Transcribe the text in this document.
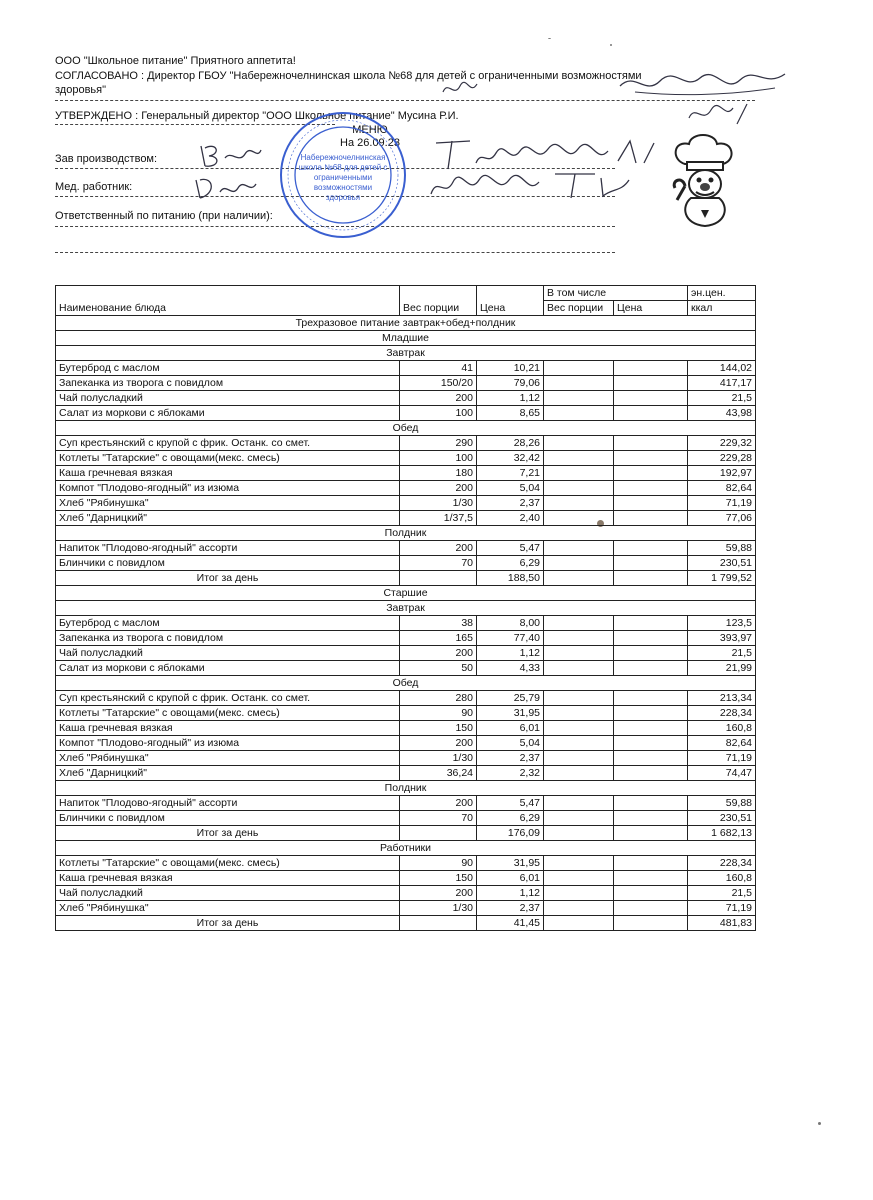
ООО "Школьное питание" Приятного аппетита!
СОГЛАСОВАНО : Директор ГБОУ "Набережночелнинская школа №68 для детей с ограниченными возможностями
здоровья"
УТВЕРЖДЕНО : Генеральный директор "ООО Школьное питание" Мусина Р.И.
МЕНЮ
На 26.09.23
Зав производством:
Мед. работник:
Ответственный по питанию (при наличии):
Набережночелнинская
школа №68 для детей с
ограниченными
возможностями
здоровья
Наименование блюда	Вес порции	Цена	В том числе		эн.цен.
			Вес порции	Цена	ккал
Трехразовое питание завтрак+обед+полдник					
Младшие					
Завтрак					
Бутерброд с маслом	41	10,21			144,02
Запеканка из творога с повидлом	150/20	79,06			417,17
Чай полусладкий	200	1,12			21,5
Салат из моркови с яблоками	100	8,65			43,98
Обед					
Суп крестьянский с крупой с фрик. Останк. со смет.	290	28,26			229,32
Котлеты "Татарские" с овощами(мекс. смесь)	100	32,42			229,28
Каша гречневая вязкая	180	7,21			192,97
Компот "Плодово-ягодный" из изюма	200	5,04			82,64
Хлеб "Рябинушка"	1/30	2,37			71,19
Хлеб "Дарницкий"	1/37,5	2,40			77,06
Полдник					
Напиток "Плодово-ягодный" ассорти	200	5,47			59,88
Блинчики с повидлом	70	6,29			230,51
Итог за день		188,50			1 799,52
Старшие					
Завтрак					
Бутерброд с маслом	38	8,00			123,5
Запеканка из творога с повидлом	165	77,40			393,97
Чай полусладкий	200	1,12			21,5
Салат из моркови с яблоками	50	4,33			21,99
Обед					
Суп крестьянский с крупой с фрик. Останк. со смет.	280	25,79			213,34
Котлеты "Татарские" с овощами(мекс. смесь)	90	31,95			228,34
Каша гречневая вязкая	150	6,01			160,8
Компот "Плодово-ягодный" из изюма	200	5,04			82,64
Хлеб "Рябинушка"	1/30	2,37			71,19
Хлеб "Дарницкий"	36,24	2,32			74,47
Полдник					
Напиток "Плодово-ягодный" ассорти	200	5,47			59,88
Блинчики с повидлом	70	6,29			230,51
Итог за день		176,09			1 682,13
Работники					
Котлеты "Татарские" с овощами(мекс. смесь)	90	31,95			228,34
Каша гречневая вязкая	150	6,01			160,8
Чай полусладкий	200	1,12			21,5
Хлеб "Рябинушка"	1/30	2,37			71,19
Итог за день		41,45			481,83
